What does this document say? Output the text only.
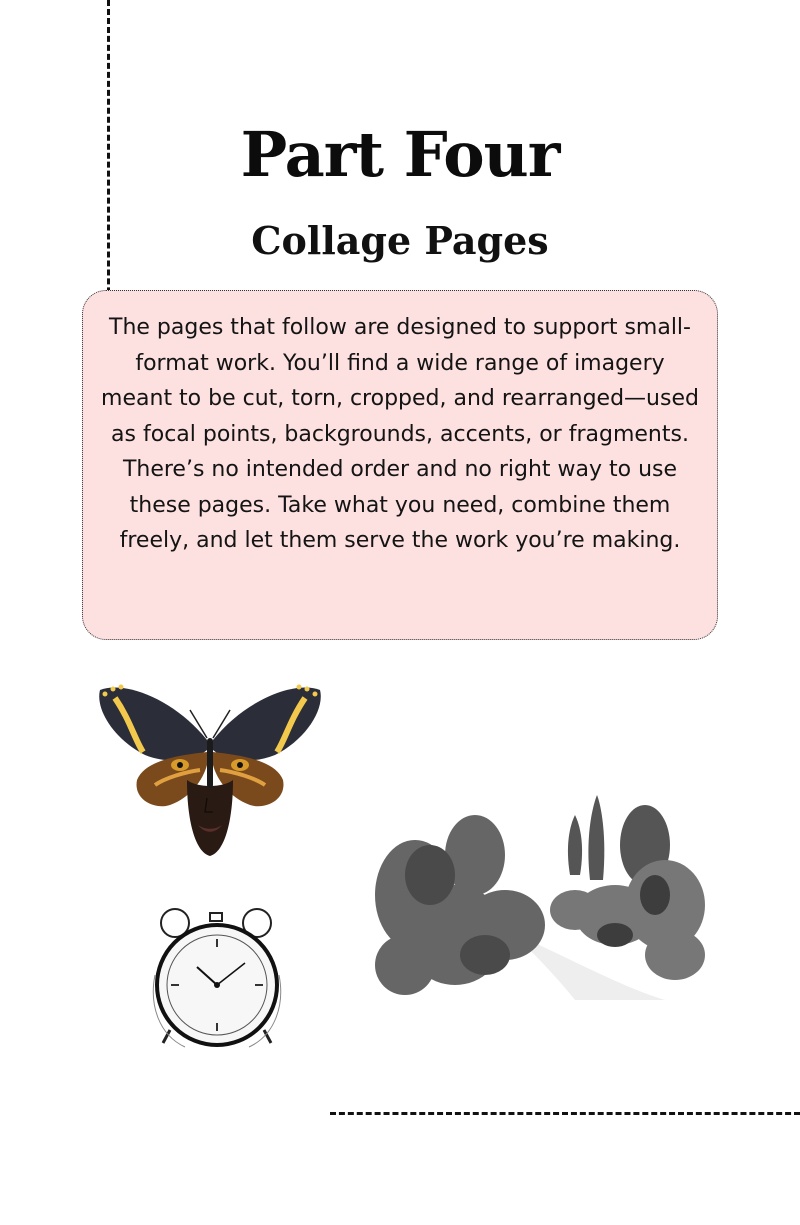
Part Four
Collage Pages

The pages that follow are designed to support small-format work. You’ll find a wide range of imagery meant to be cut, torn, cropped, and rearranged—used as focal points, backgrounds, accents, or fragments. There’s no intended order and no right way to use these pages. Take what you need, combine them freely, and let them serve the work you’re making.
